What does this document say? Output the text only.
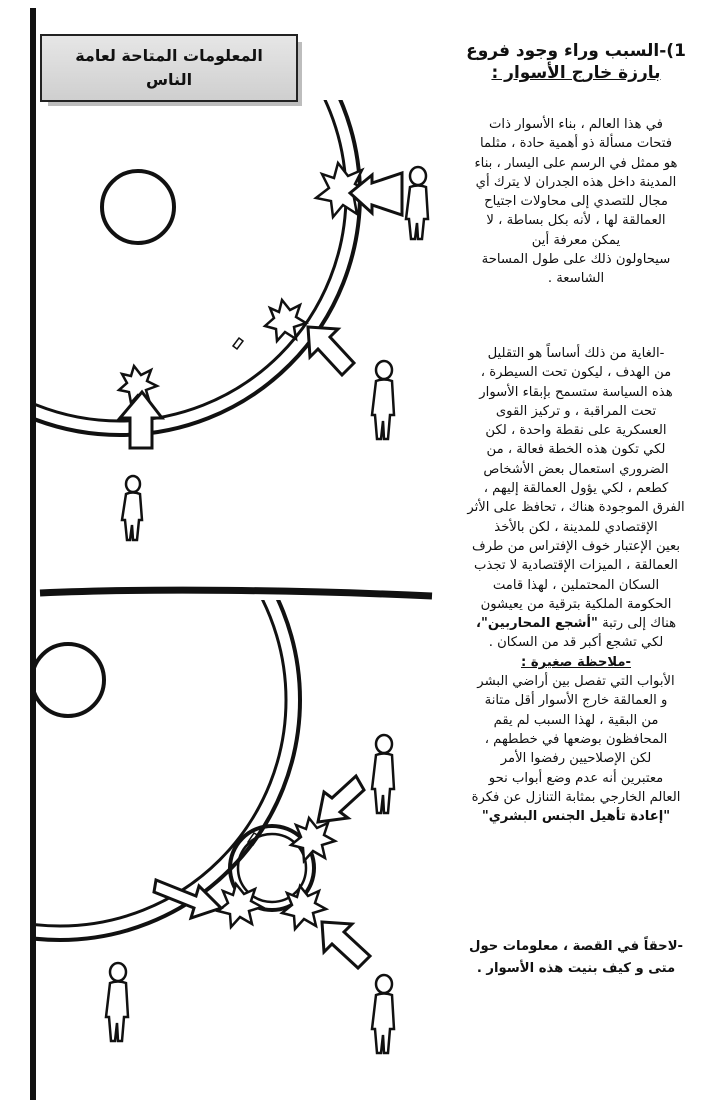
المعلومات المتاحة لعامة
الناس
1)-السبب وراء وجود فروع
بارزة خارج الأسوار :
في هذا العالم ، بناء الأسوار ذات
فتحات مسألة ذو أهمية حادة ، مثلما
هو ممثل في الرسم على اليسار ، بناء
المدينة داخل هذه الجدران لا يترك أي
مجال للتصدي إلى محاولات اجتياح
العمالقة لها ، لأنه بكل بساطة ، لا
يمكن معرفة أين
سيحاولون ذلك على طول المساحة
الشاسعة .
-الغاية من ذلك أساساً هو التقليل
من الهدف ، ليكون تحت السيطرة ،
هذه السياسة ستسمح بإبقاء الأسوار
تحت المراقبة ، و تركيز القوى
العسكرية على نقطة واحدة ، لكن
لكي تكون هذه الخطة فعالة ، من
الضروري استعمال بعض الأشخاص
كطعم ، لكي يؤول العمالقة إليهم ،
الفرق الموجودة هناك ، تحافظ على الأثر
الإقتصادي للمدينة ، لكن بالأخذ
بعين الإعتبار خوف الإفتراس من طرف
العمالقة ، الميزات الإقتصادية لا تجذب
السكان المحتملين ، لهذا قامت
الحكومة الملكية بترقية من يعيشون
هناك إلى رتبة "أشجع المحاربين"،
لكي تشجع أكبر قد من السكان .
-ملاحظة صغيرة :
الأبواب التي تفصل بين أراضي البشر
و العمالقة خارج الأسوار أقل متانة
من البقية ، لهذا السبب لم يقم
المحافظون بوضعها في خططهم ،
لكن الإصلاحيين رفضوا الأمر
معتبرين أنه عدم وضع أبواب نحو
العالم الخارجي بمثابة التنازل عن فكرة
"إعادة تأهيل الجنس البشري"
-لاحقاً في القصة ، معلومات حول
متى و كيف بنيت هذه الأسوار .
